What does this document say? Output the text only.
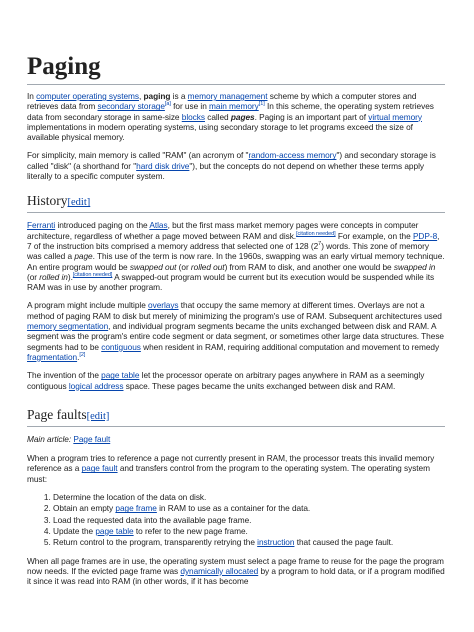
Paging

In computer operating systems, paging is a memory management scheme by which a computer stores and retrieves data from secondary storage[a] for use in main memory[1] In this scheme, the operating system retrieves data from secondary storage in same-size blocks called pages. Paging is an important part of virtual memory implementations in modern operating systems, using secondary storage to let programs exceed the size of available physical memory.

For simplicity, main memory is called "RAM" (an acronym of "random-access memory") and secondary storage is called "disk" (a shorthand for "hard disk drive"), but the concepts do not depend on whether these terms apply literally to a specific computer system.

History[edit]

Ferranti introduced paging on the Atlas, but the first mass market memory pages were concepts in computer architecture, regardless of whether a page moved between RAM and disk.[citation needed] For example, on the PDP-8, 7 of the instruction bits comprised a memory address that selected one of 128 $(2^7)$ words. This zone of memory was called a page. This use of the term is now rare. In the 1960s, swapping was an early virtual memory technique. An entire program would be swapped out (or rolled out) from RAM to disk, and another one would be swapped in (or rolled in).[citation needed] A swapped-out program would be current but its execution would be suspended while its RAM was in use by another program.

A program might include multiple overlays that occupy the same memory at different times. Overlays are not a method of paging RAM to disk but merely of minimizing the program's use of RAM. Subsequent architectures used memory segmentation, and individual program segments became the units exchanged between disk and RAM. A segment was the program's entire code segment or data segment, or sometimes other large data structures. These segments had to be contiguous when resident in RAM, requiring additional computation and movement to remedy fragmentation.[2]

The invention of the page table let the processor operate on arbitrary pages anywhere in RAM as a seemingly contiguous logical address space. These pages became the units exchanged between disk and RAM.

Page faults[edit]
Main article: Page fault

When a program tries to reference a page not currently present in RAM, the processor treats this invalid memory reference as a page fault and transfers control from the program to the operating system. The operating system must:

1. Determine the location of the data on disk.
2. Obtain an empty page frame in RAM to use as a container for the data.
3. Load the requested data into the available page frame.
4. Update the page table to refer to the new page frame.
5. Return control to the program, transparently retrying the instruction that caused the page fault.

When all page frames are in use, the operating system must select a page frame to reuse for the page the program now needs. If the evicted page frame was dynamically allocated by a program to hold data, or if a program modified it since it was read into RAM (in other words, if it has become
